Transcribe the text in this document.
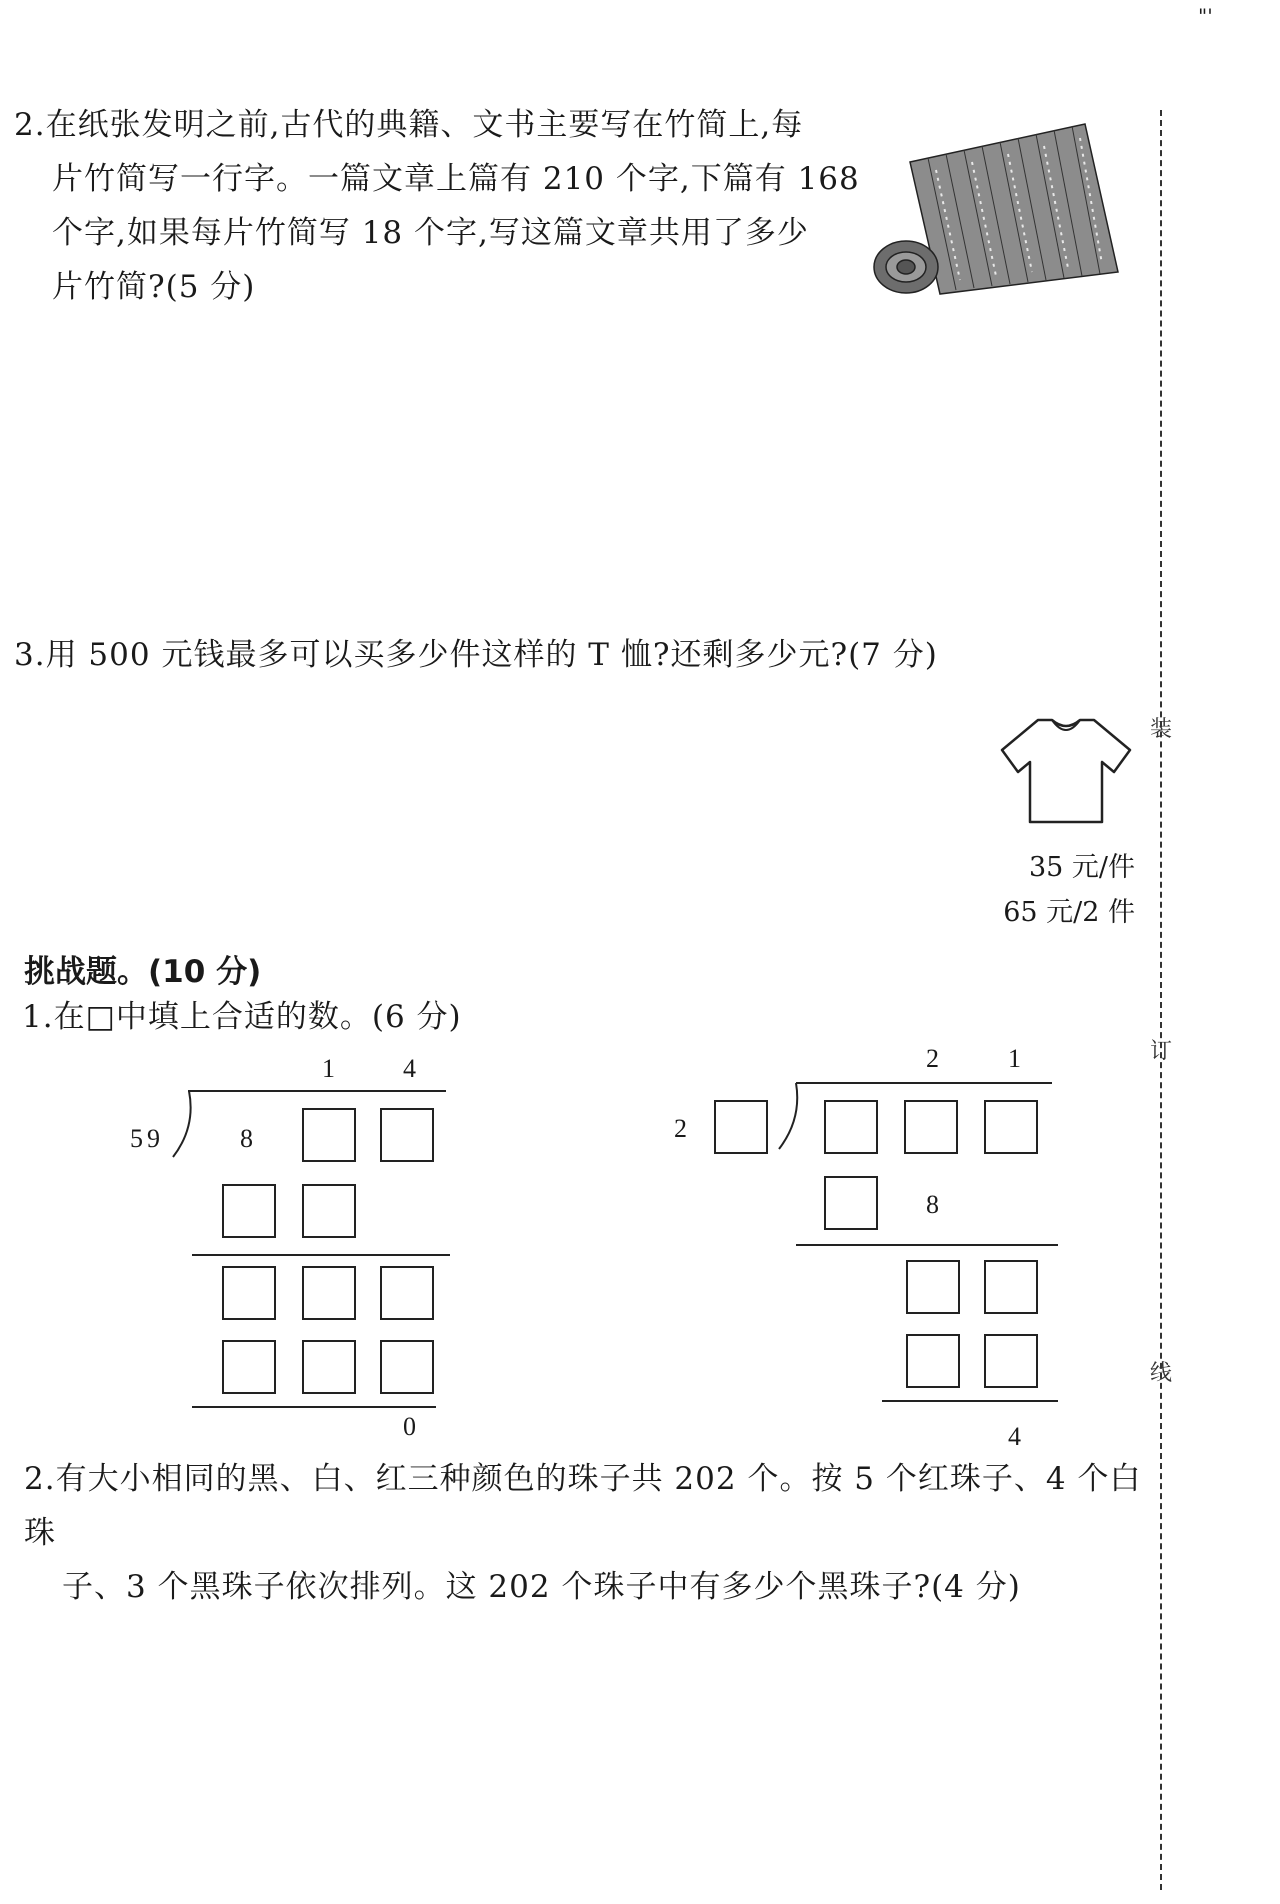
"'
装
订
线
2.在纸张发明之前,古代的典籍、文书主要写在竹简上,每
片竹简写一行字。一篇文章上篇有 210 个字,下篇有 168
个字,如果每片竹简写 18 个字,写这篇文章共用了多少
片竹简?(5 分)
3.用 500 元钱最多可以买多少件这样的 T 恤?还剩多少元?(7 分)
35 元/件
65 元/2 件
挑战题。(10 分)
1.在□中填上合适的数。(6 分)
1	4
59	8
0
2	1
2
8
4
2.有大小相同的黑、白、红三种颜色的珠子共 202 个。按 5 个红珠子、4 个白珠
子、3 个黑珠子依次排列。这 202 个珠子中有多少个黑珠子?(4 分)
